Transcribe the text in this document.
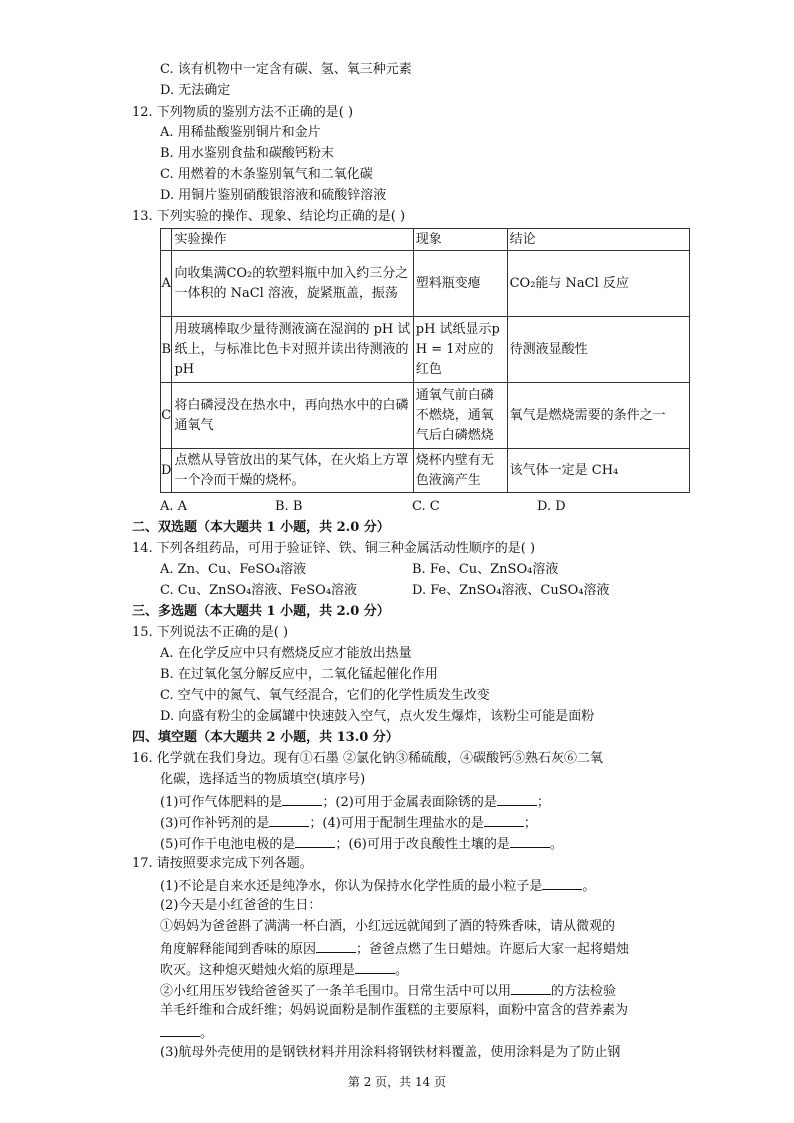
C. 该有机物中一定含有碳、氢、氧三种元素
D. 无法确定
12. 下列物质的鉴别方法不正确的是( )
A. 用稀盐酸鉴别铜片和金片
B. 用水鉴别食盐和碳酸钙粉末
C. 用燃着的木条鉴别氧气和二氧化碳
D. 用铜片鉴别硝酸银溶液和硫酸锌溶液
13. 下列实验的操作、现象、结论均正确的是( )
	实验操作	现象	结论
A	向收集满CO₂的软塑料瓶中加入约三分之一体积的 NaCl 溶液，旋紧瓶盖，振荡	塑料瓶变瘪	CO₂能与 NaCl 反应
B	用玻璃棒取少量待测液滴在湿润的 pH 试纸上，与标准比色卡对照并读出待测液的 pH	pH 试纸显示p H = 1对应的红色	待测液显酸性
C	将白磷浸没在热水中，再向热水中的白磷通氧气	通氧气前白磷不燃烧，通氧气后白磷燃烧	氧气是燃烧需要的条件之一
D	点燃从导管放出的某气体，在火焰上方罩一个冷而干燥的烧杯。	烧杯内壁有无色液滴产生	该气体一定是 CH₄
A. A	B. B	C. C	D. D
二、双选题（本大题共 1 小题，共 2.0 分）
14. 下列各组药品，可用于验证锌、铁、铜三种金属活动性顺序的是( )
A. Zn、Cu、FeSO₄溶液	B. Fe、Cu、ZnSO₄溶液
C. Cu、ZnSO₄溶液、FeSO₄溶液	D. Fe、ZnSO₄溶液、CuSO₄溶液
三、多选题（本大题共 1 小题，共 2.0 分）
15. 下列说法不正确的是( )
A. 在化学反应中只有燃烧反应才能放出热量
B. 在过氧化氢分解反应中，二氧化锰起催化作用
C. 空气中的氮气、氧气经混合，它们的化学性质发生改变
D. 向盛有粉尘的金属罐中快速鼓入空气，点火发生爆炸，该粉尘可能是面粉
四、填空题（本大题共 2 小题，共 13.0 分）
16. 化学就在我们身边。现有①石墨 ②氯化钠③稀硫酸，④碳酸钙⑤熟石灰⑥二氧
化碳，选择适当的物质填空(填序号)
(1)可作气体肥料的是	；(2)可用于金属表面除锈的是	；
(3)可作补钙剂的是	；(4)可用于配制生理盐水的是	；
(5)可作干电池电极的是	；(6)可用于改良酸性土壤的是	。
17. 请按照要求完成下列各题。
(1)不论是自来水还是纯净水，你认为保持水化学性质的最小粒子是	。
(2)今天是小红爸爸的生日：
①妈妈为爸爸斟了满满一杯白酒，小红远远就闻到了酒的特殊香味，请从微观的
角度解释能闻到香味的原因	；爸爸点燃了生日蜡烛。许愿后大家一起将蜡烛
吹灭。这种熄灭蜡烛火焰的原理是	。
②小红用压岁钱给爸爸买了一条羊毛围巾。日常生活中可以用	的方法检验
羊毛纤维和合成纤维；妈妈说面粉是制作蛋糕的主要原料，面粉中富含的营养素为
。
(3)航母外壳使用的是钢铁材料并用涂料将钢铁材料覆盖，使用涂料是为了防止钢
第 2 页，共 14 页
